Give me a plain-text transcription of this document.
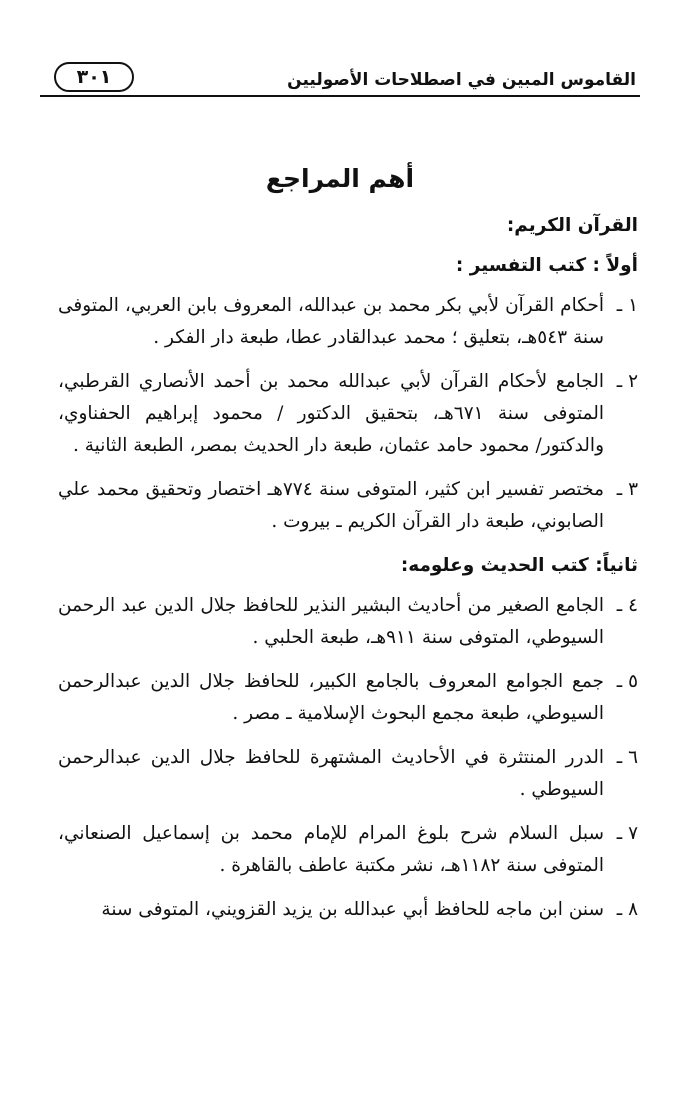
القاموس المبين في اصطلاحات الأصوليين
٣٠١
أهم المراجع
القرآن الكريم:
أولاً : كتب التفسير :
١ ـ
أحكام القرآن لأبي بكر محمد بن عبدالله، المعروف بابن العربي، المتوفى سنة ٥٤٣هـ، بتعليق ؛ محمد عبدالقادر عطا، طبعة دار الفكر .
٢ ـ
الجامع لأحكام القرآن لأبي عبدالله محمد بن أحمد الأنصاري القرطبي، المتوفى سنة ٦٧١هـ، بتحقيق الدكتور / محمود إبراهيم الحفناوي، والدكتور/ محمود حامد عثمان، طبعة دار الحديث بمصر، الطبعة الثانية .
٣ ـ
مختصر تفسير ابن كثير، المتوفى سنة ٧٧٤هـ اختصار وتحقيق محمد علي الصابوني، طبعة دار القرآن الكريم ـ بيروت .
ثانياً: كتب الحديث وعلومه:
٤ ـ
الجامع الصغير من أحاديث البشير النذير للحافظ جلال الدين عبد الرحمن السيوطي، المتوفى سنة ٩١١هـ، طبعة الحلبي .
٥ ـ
جمع الجوامع المعروف بالجامع الكبير، للحافظ جلال الدين عبدالرحمن السيوطي، طبعة مجمع البحوث الإسلامية ـ مصر .
٦ ـ
الدرر المنتثرة في الأحاديث المشتهرة للحافظ جلال الدين عبدالرحمن السيوطي .
٧ ـ
سبل السلام شرح بلوغ المرام للإمام محمد بن إسماعيل الصنعاني، المتوفى سنة ١١٨٢هـ، نشر مكتبة عاطف بالقاهرة .
٨ ـ
سنن ابن ماجه للحافظ أبي عبدالله بن يزيد القزويني، المتوفى سنة
